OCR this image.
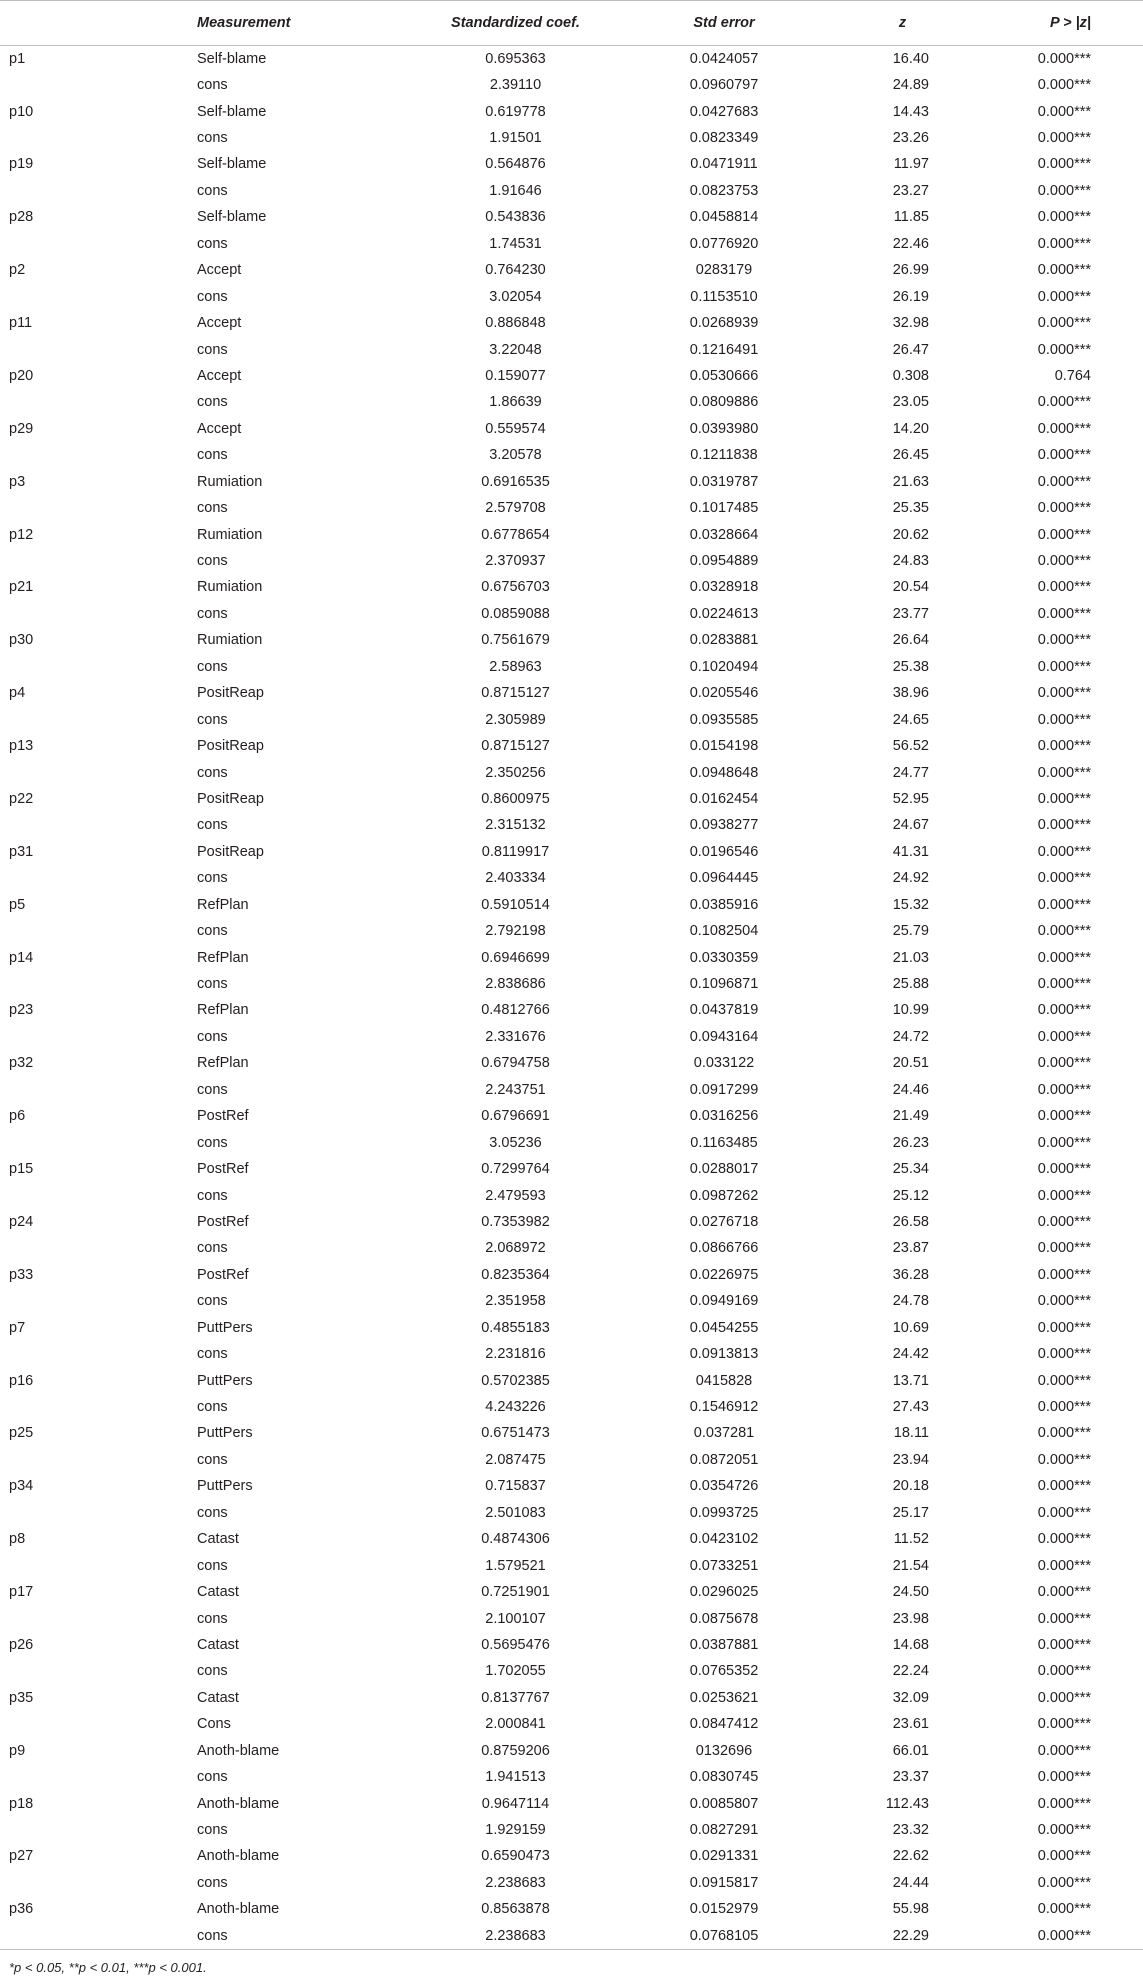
	Measurement	Standardized coef.	Std error	z	P > |z|
p1	Self-blame	0.695363	0.0424057	16.40	0.000***
	cons	2.39110	0.0960797	24.89	0.000***
p10	Self-blame	0.619778	0.0427683	14.43	0.000***
	cons	1.91501	0.0823349	23.26	0.000***
p19	Self-blame	0.564876	0.0471911	11.97	0.000***
	cons	1.91646	0.0823753	23.27	0.000***
p28	Self-blame	0.543836	0.0458814	11.85	0.000***
	cons	1.74531	0.0776920	22.46	0.000***
p2	Accept	0.764230	0283179	26.99	0.000***
	cons	3.02054	0.1153510	26.19	0.000***
p11	Accept	0.886848	0.0268939	32.98	0.000***
	cons	3.22048	0.1216491	26.47	0.000***
p20	Accept	0.159077	0.0530666	0.308	0.764
	cons	1.86639	0.0809886	23.05	0.000***
p29	Accept	0.559574	0.0393980	14.20	0.000***
	cons	3.20578	0.1211838	26.45	0.000***
p3	Rumiation	0.6916535	0.0319787	21.63	0.000***
	cons	2.579708	0.1017485	25.35	0.000***
p12	Rumiation	0.6778654	0.0328664	20.62	0.000***
	cons	2.370937	0.0954889	24.83	0.000***
p21	Rumiation	0.6756703	0.0328918	20.54	0.000***
	cons	0.0859088	0.0224613	23.77	0.000***
p30	Rumiation	0.7561679	0.0283881	26.64	0.000***
	cons	2.58963	0.1020494	25.38	0.000***
p4	PositReap	0.8715127	0.0205546	38.96	0.000***
	cons	2.305989	0.0935585	24.65	0.000***
p13	PositReap	0.8715127	0.0154198	56.52	0.000***
	cons	2.350256	0.0948648	24.77	0.000***
p22	PositReap	0.8600975	0.0162454	52.95	0.000***
	cons	2.315132	0.0938277	24.67	0.000***
p31	PositReap	0.8119917	0.0196546	41.31	0.000***
	cons	2.403334	0.0964445	24.92	0.000***
p5	RefPlan	0.5910514	0.0385916	15.32	0.000***
	cons	2.792198	0.1082504	25.79	0.000***
p14	RefPlan	0.6946699	0.0330359	21.03	0.000***
	cons	2.838686	0.1096871	25.88	0.000***
p23	RefPlan	0.4812766	0.0437819	10.99	0.000***
	cons	2.331676	0.0943164	24.72	0.000***
p32	RefPlan	0.6794758	0.033122	20.51	0.000***
	cons	2.243751	0.0917299	24.46	0.000***
p6	PostRef	0.6796691	0.0316256	21.49	0.000***
	cons	3.05236	0.1163485	26.23	0.000***
p15	PostRef	0.7299764	0.0288017	25.34	0.000***
	cons	2.479593	0.0987262	25.12	0.000***
p24	PostRef	0.7353982	0.0276718	26.58	0.000***
	cons	2.068972	0.0866766	23.87	0.000***
p33	PostRef	0.8235364	0.0226975	36.28	0.000***
	cons	2.351958	0.0949169	24.78	0.000***
p7	PuttPers	0.4855183	0.0454255	10.69	0.000***
	cons	2.231816	0.0913813	24.42	0.000***
p16	PuttPers	0.5702385	0415828	13.71	0.000***
	cons	4.243226	0.1546912	27.43	0.000***
p25	PuttPers	0.6751473	0.037281	18.11	0.000***
	cons	2.087475	0.0872051	23.94	0.000***
p34	PuttPers	0.715837	0.0354726	20.18	0.000***
	cons	2.501083	0.0993725	25.17	0.000***
p8	Catast	0.4874306	0.0423102	11.52	0.000***
	cons	1.579521	0.0733251	21.54	0.000***
p17	Catast	0.7251901	0.0296025	24.50	0.000***
	cons	2.100107	0.0875678	23.98	0.000***
p26	Catast	0.5695476	0.0387881	14.68	0.000***
	cons	1.702055	0.0765352	22.24	0.000***
p35	Catast	0.8137767	0.0253621	32.09	0.000***
	Cons	2.000841	0.0847412	23.61	0.000***
p9	Anoth-blame	0.8759206	0132696	66.01	0.000***
	cons	1.941513	0.0830745	23.37	0.000***
p18	Anoth-blame	0.9647114	0.0085807	112.43	0.000***
	cons	1.929159	0.0827291	23.32	0.000***
p27	Anoth-blame	0.6590473	0.0291331	22.62	0.000***
	cons	2.238683	0.0915817	24.44	0.000***
p36	Anoth-blame	0.8563878	0.0152979	55.98	0.000***
	cons	2.238683	0.0768105	22.29	0.000***
*p < 0.05, **p < 0.01, ***p < 0.001.
